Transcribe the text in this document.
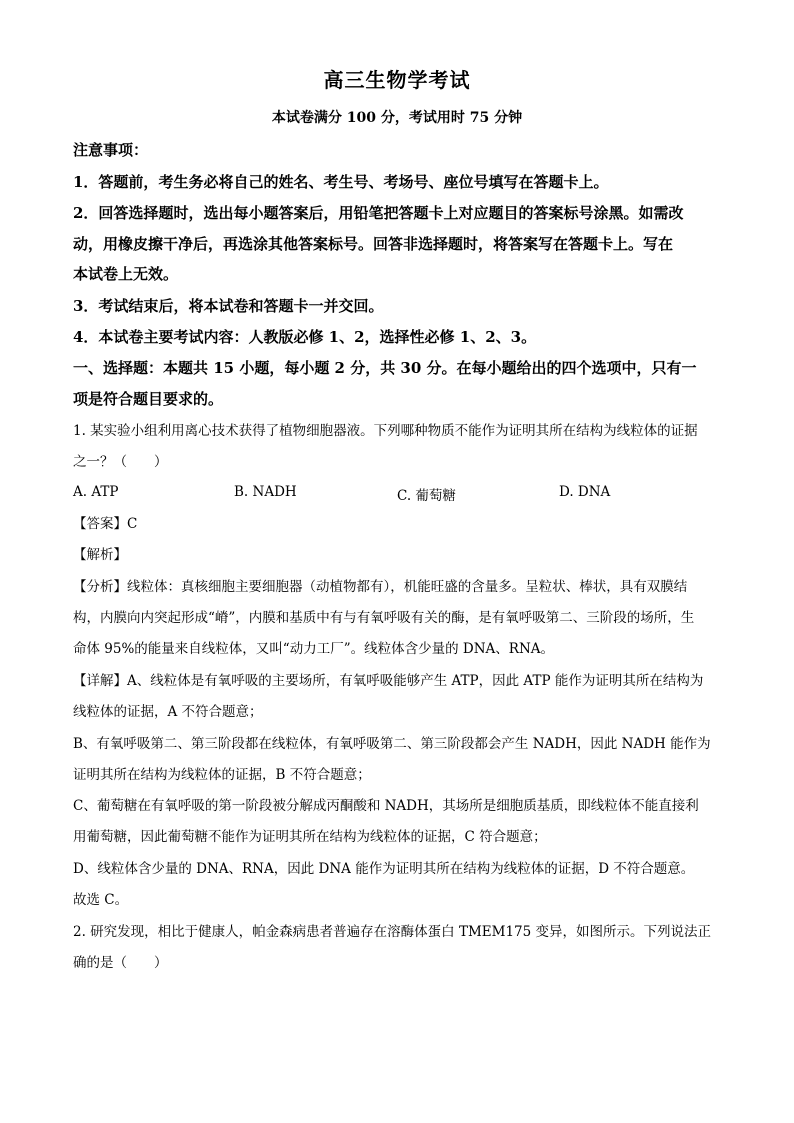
高三生物学考试
本试卷满分 100 分，考试用时 75 分钟
注意事项：
1．答题前，考生务必将自己的姓名、考生号、考场号、座位号填写在答题卡上。
2．回答选择题时，选出每小题答案后，用铅笔把答题卡上对应题目的答案标号涂黑。如需改
动，用橡皮擦干净后，再选涂其他答案标号。回答非选择题时，将答案写在答题卡上。写在
本试卷上无效。
3．考试结束后，将本试卷和答题卡一并交回。
4．本试卷主要考试内容：人教版必修 1、2，选择性必修 1、2、3。
一、选择题：本题共 15 小题，每小题 2 分，共 30 分。在每小题给出的四个选项中，只有一
项是符合题目要求的。
1. 某实验小组利用离心技术获得了植物细胞器液。下列哪种物质不能作为证明其所在结构为线粒体的证据
之一？（　　）
A. ATP	B. NADH	C. 葡萄糖	D. DNA
【答案】C
【解析】
【分析】线粒体：真核细胞主要细胞器（动植物都有），机能旺盛的含量多。呈粒状、棒状，具有双膜结
构，内膜向内突起形成“嵴”，内膜和基质中有与有氧呼吸有关的酶，是有氧呼吸第二、三阶段的场所，生
命体 95%的能量来自线粒体，又叫“动力工厂”。线粒体含少量的 DNA、RNA。
【详解】A、线粒体是有氧呼吸的主要场所，有氧呼吸能够产生 ATP，因此 ATP 能作为证明其所在结构为
线粒体的证据，A 不符合题意；
B、有氧呼吸第二、第三阶段都在线粒体，有氧呼吸第二、第三阶段都会产生 NADH，因此 NADH 能作为
证明其所在结构为线粒体的证据，B 不符合题意；
C、葡萄糖在有氧呼吸的第一阶段被分解成丙酮酸和 NADH，其场所是细胞质基质，即线粒体不能直接利
用葡萄糖，因此葡萄糖不能作为证明其所在结构为线粒体的证据，C 符合题意；
D、线粒体含少量的 DNA、RNA，因此 DNA 能作为证明其所在结构为线粒体的证据，D 不符合题意。
故选 C。
2. 研究发现，相比于健康人，帕金森病患者普遍存在溶酶体蛋白 TMEM175 变异，如图所示。下列说法正
确的是（　　）
